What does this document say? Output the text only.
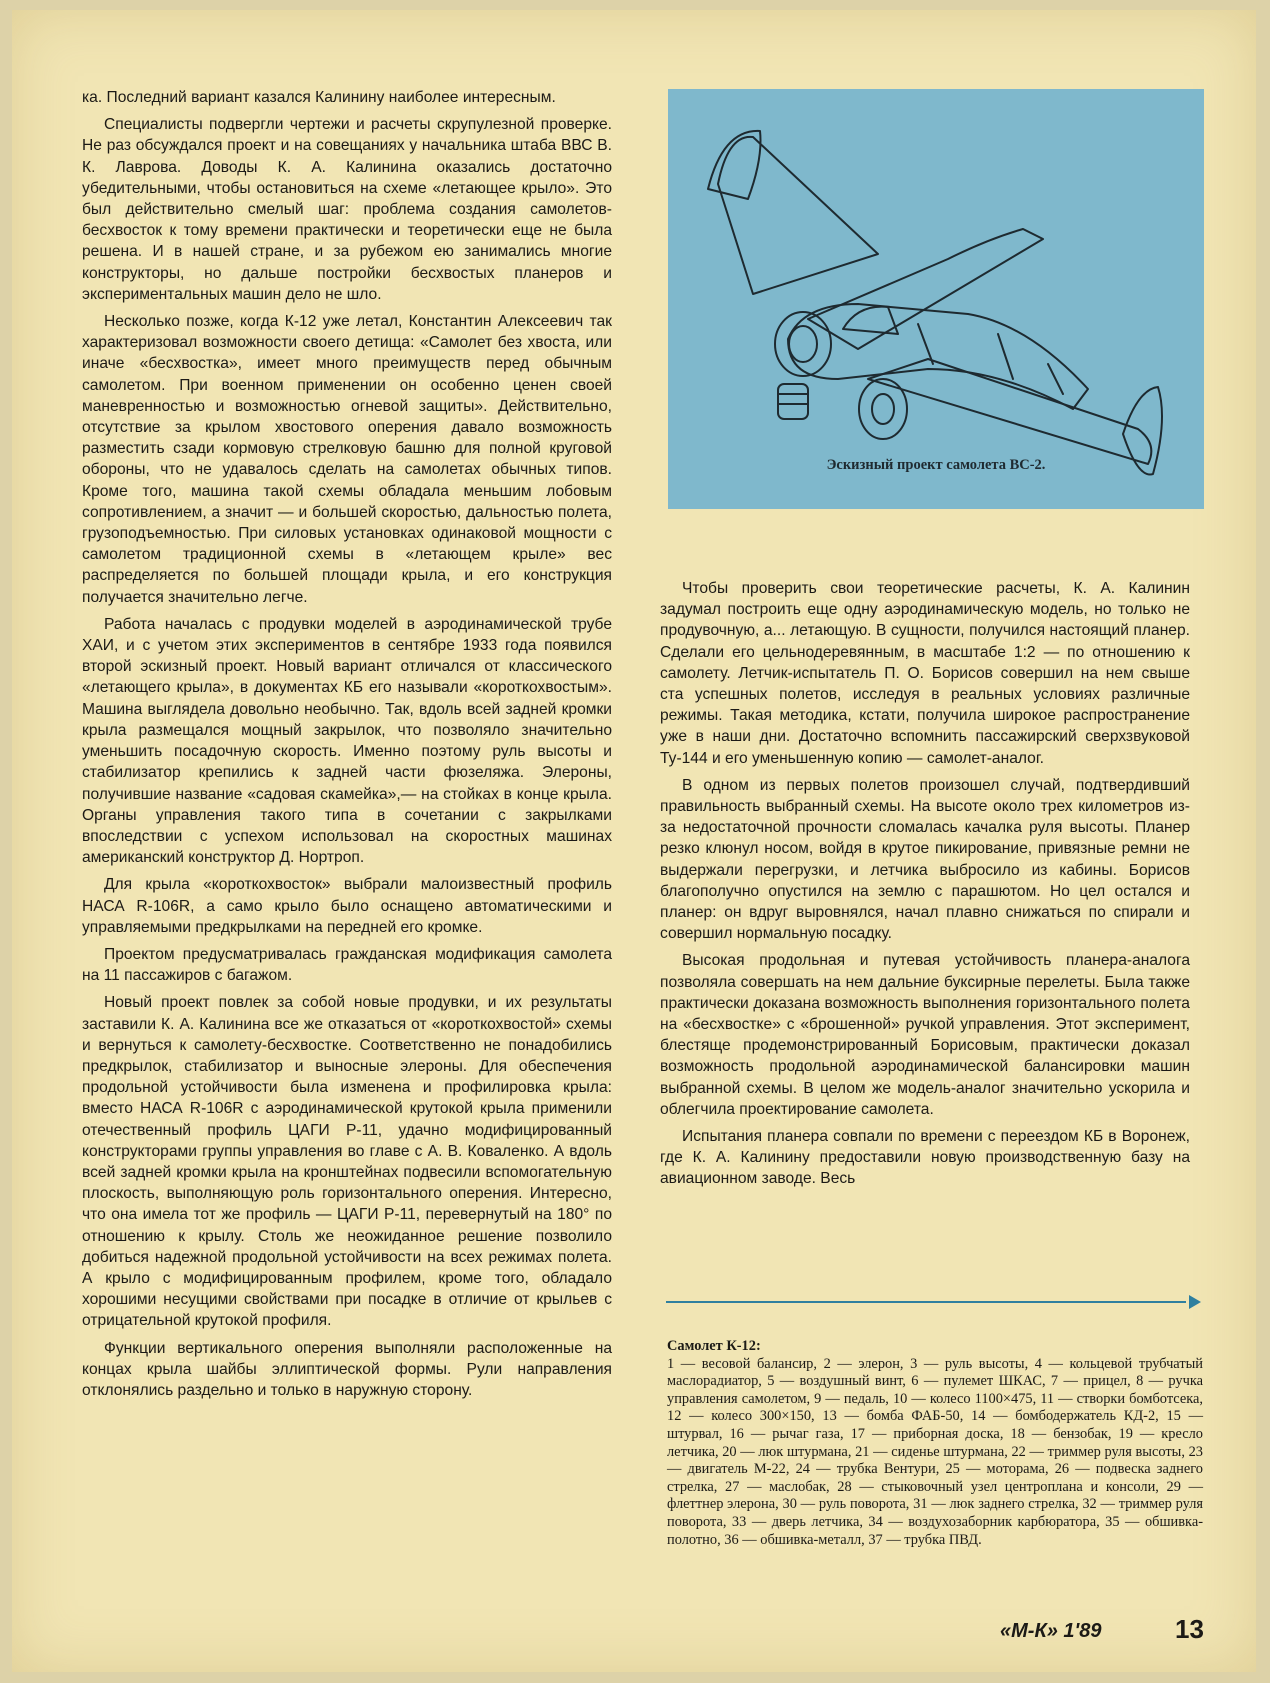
ка. Последний вариант казался Калинину наиболее интересным.

Специалисты подвергли чертежи и расчеты скрупулезной проверке. Не раз обсуждался проект и на совещаниях у начальника штаба ВВС В. К. Лаврова. Доводы К. А. Калинина оказались достаточно убедительными, чтобы остановиться на схеме «летающее крыло». Это был действительно смелый шаг: проблема создания самолетов-бесхвосток к тому времени практически и теоретически еще не была решена. И в нашей стране, и за рубежом ею занимались многие конструкторы, но дальше постройки бесхвостых планеров и экспериментальных машин дело не шло.

Несколько позже, когда К-12 уже летал, Константин Алексеевич так характеризовал возможности своего детища: «Самолет без хвоста, или иначе «бесхвостка», имеет много преимуществ перед обычным самолетом. При военном применении он особенно ценен своей маневренностью и возможностью огневой защиты». Действительно, отсутствие за крылом хвостового оперения давало возможность разместить сзади кормовую стрелковую башню для полной круговой обороны, что не удавалось сделать на самолетах обычных типов. Кроме того, машина такой схемы обладала меньшим лобовым сопротивлением, а значит — и большей скоростью, дальностью полета, грузоподъемностью. При силовых установках одинаковой мощности с самолетом традиционной схемы в «летающем крыле» вес распределяется по большей площади крыла, и его конструкция получается значительно легче.

Работа началась с продувки моделей в аэродинамической трубе ХАИ, и с учетом этих экспериментов в сентябре 1933 года появился второй эскизный проект. Новый вариант отличался от классического «летающего крыла», в документах КБ его называли «короткохвостым». Машина выглядела довольно необычно. Так, вдоль всей задней кромки крыла размещался мощный закрылок, что позволяло значительно уменьшить посадочную скорость. Именно поэтому руль высоты и стабилизатор крепились к задней части фюзеляжа. Элероны, получившие название «садовая скамейка»,— на стойках в конце крыла. Органы управления такого типа в сочетании с закрылками впоследствии с успехом использовал на скоростных машинах американский конструктор Д. Нортроп.

Для крыла «короткохвосток» выбрали малоизвестный профиль НАСА R-106R, а само крыло было оснащено автоматическими и управляемыми предкрылками на передней его кромке.

Проектом предусматривалась гражданская модификация самолета на 11 пассажиров с багажом.

Новый проект повлек за собой новые продувки, и их результаты заставили К. А. Калинина все же отказаться от «короткохвостой» схемы и вернуться к самолету-бесхвостке. Соответственно не понадобились предкрылок, стабилизатор и выносные элероны. Для обеспечения продольной устойчивости была изменена и профилировка крыла: вместо НАСА R-106R с аэродинамической крутокой крыла применили отечественный профиль ЦАГИ Р-11, удачно модифицированный конструкторами группы управления во главе с А. В. Коваленко. А вдоль всей задней кромки крыла на кронштейнах подвесили вспомогательную плоскость, выполняющую роль горизонтального оперения. Интересно, что она имела тот же профиль — ЦАГИ Р-11, перевернутый на 180° по отношению к крылу. Столь же неожиданное решение позволило добиться надежной продольной устойчивости на всех режимах полета. А крыло с модифицированным профилем, кроме того, обладало хорошими несущими свойствами при посадке в отличие от крыльев с отрицательной крутокой профиля.

Функции вертикального оперения выполняли расположенные на концах крыла шайбы эллиптической формы. Рули направления отклонялись раздельно и только в наружную сторону.

Эскизный проект самолета ВС-2.

Чтобы проверить свои теоретические расчеты, К. А. Калинин задумал построить еще одну аэродинамическую модель, но только не продувочную, а... летающую. В сущности, получился настоящий планер. Сделали его цельнодеревянным, в масштабе 1:2 — по отношению к самолету. Летчик-испытатель П. О. Борисов совершил на нем свыше ста успешных полетов, исследуя в реальных условиях различные режимы. Такая методика, кстати, получила широкое распространение уже в наши дни. Достаточно вспомнить пассажирский сверхзвуковой Ту-144 и его уменьшенную копию — самолет-аналог.

В одном из первых полетов произошел случай, подтвердивший правильность выбранный схемы. На высоте около трех километров из-за недостаточной прочности сломалась качалка руля высоты. Планер резко клюнул носом, войдя в крутое пикирование, привязные ремни не выдержали перегрузки, и летчика выбросило из кабины. Борисов благополучно опустился на землю с парашютом. Но цел остался и планер: он вдруг выровнялся, начал плавно снижаться по спирали и совершил нормальную посадку.

Высокая продольная и путевая устойчивость планера-аналога позволяла совершать на нем дальние буксирные перелеты. Была также практически доказана возможность выполнения горизонтального полета на «бесхвостке» с «брошенной» ручкой управления. Этот эксперимент, блестяще продемонстрированный Борисовым, практически доказал возможность продольной аэродинамической балансировки машин выбранной схемы. В целом же модель-аналог значительно ускорила и облегчила проектирование самолета.

Испытания планера совпали по времени с переездом КБ в Воронеж, где К. А. Калинину предоставили новую производственную базу на авиационном заводе. Весь

Самолет К-12:
1 — весовой балансир, 2 — элерон, 3 — руль высоты, 4 — кольцевой трубчатый маслорадиатор, 5 — воздушный винт, 6 — пулемет ШКАС, 7 — прицел, 8 — ручка управления самолетом, 9 — педаль, 10 — колесо 1100×475, 11 — створки бомботсека, 12 — колесо 300×150, 13 — бомба ФАБ-50, 14 — бомбодержатель КД-2, 15 — штурвал, 16 — рычаг газа, 17 — приборная доска, 18 — бензобак, 19 — кресло летчика, 20 — люк штурмана, 21 — сиденье штурмана, 22 — триммер руля высоты, 23 — двигатель М-22, 24 — трубка Вентури, 25 — моторама, 26 — подвеска заднего стрелка, 27 — маслобак, 28 — стыковочный узел центроплана и консоли, 29 — флеттнер элерона, 30 — руль поворота, 31 — люк заднего стрелка, 32 — триммер руля поворота, 33 — дверь летчика, 34 — воздухозаборник карбюратора, 35 — обшивка-полотно, 36 — обшивка-металл, 37 — трубка ПВД.
«М-К» 1'89	13
